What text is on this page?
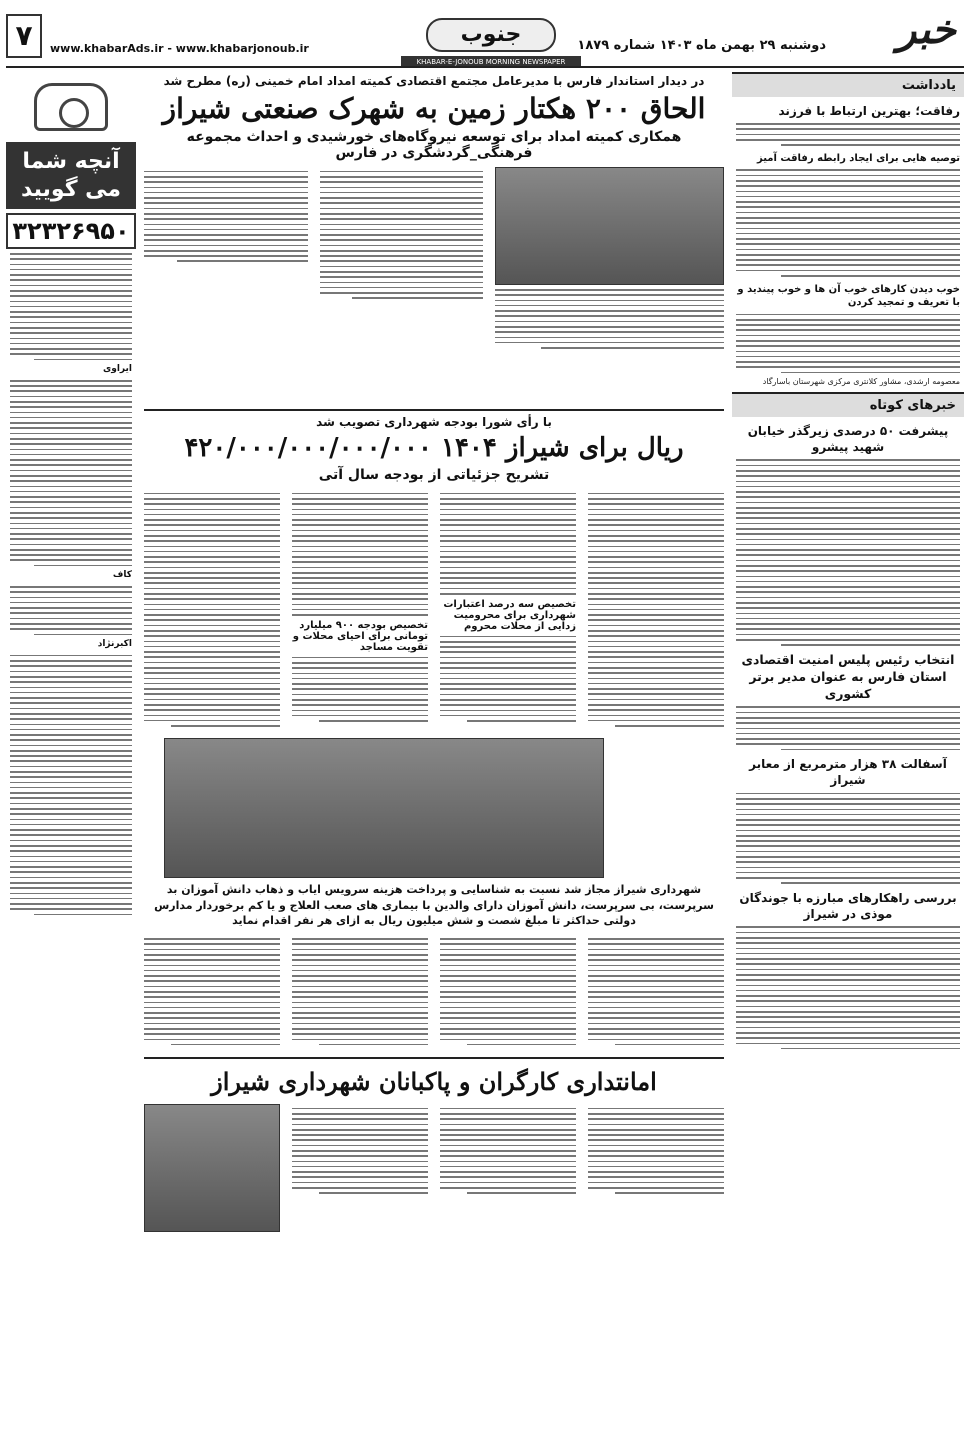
خبر
دوشنبه ۲۹ بهمن ماه ۱۴۰۳ شماره ۱۸۷۹
جنوب
KHABAR-E-JONOUB MORNING NEWSPAPER
www.khabarAds.ir - www.khabarjonoub.ir
۷
یادداشت
رفاقت؛ بهترین ارتباط با فرزند
توصیه هایی برای ایجاد رابطه رفاقت آمیز
خوب دیدن کارهای خوب آن ها و خوب پیندید و با تعریف و تمجید کردن
معصومه ارشدی، مشاور کلانتری مرکزی شهرستان باسارگاد
خبرهای کوتاه
پیشرفت ۵۰ درصدی زیرگذر خیابان شهید پیشرو
انتخاب رئیس پلیس امنیت اقتصادی استان فارس به عنوان مدیر برتر کشوری
آسفالت ۳۸ هزار مترمربع از معابر شیراز
بررسی راهکارهای مبارزه با جوندگان موذی در شیراز
آنچه شما می گویید
۳۲۳۲۶۹۵۰
ایراوی
کاف
اکبرنژاد
در دیدار استاندار فارس با مدیرعامل مجتمع اقتصادی کمیته امداد امام خمینی (ره) مطرح شد
الحاق ۲۰۰ هکتار زمین به شهرک صنعتی شیراز
همکاری کمیته امداد برای توسعه نیروگاه‌های خورشیدی و احداث مجموعه فرهنگی_گردشگری در فارس
با رأی شورا بودجه شهرداری تصویب شد
۴۲۰/۰۰۰/۰۰۰/۰۰۰/۰۰۰ ریال برای شیراز ۱۴۰۴
تشریح جزئیاتی از بودجه سال آتی
تخصیص سه درصد اعتبارات شهرداری برای محرومیت زدایی از محلات محروم
تخصیص بودجه ۹۰۰ میلیارد تومانی برای احیای محلات و تقویت مساجد
شهرداری شیراز مجاز شد نسبت به شناسایی و پرداخت هزینه سرویس ایاب و ذهاب دانش آموزان بد سرپرست، بی سرپرست، دانش آموزان دارای والدین با بیماری های صعب العلاج و یا کم برخوردار مدارس دولتی حداکثر تا مبلغ شصت و شش میلیون ریال به ازای هر نفر اقدام نماید
امانتداری کارگران و پاکبانان شهرداری شیراز
